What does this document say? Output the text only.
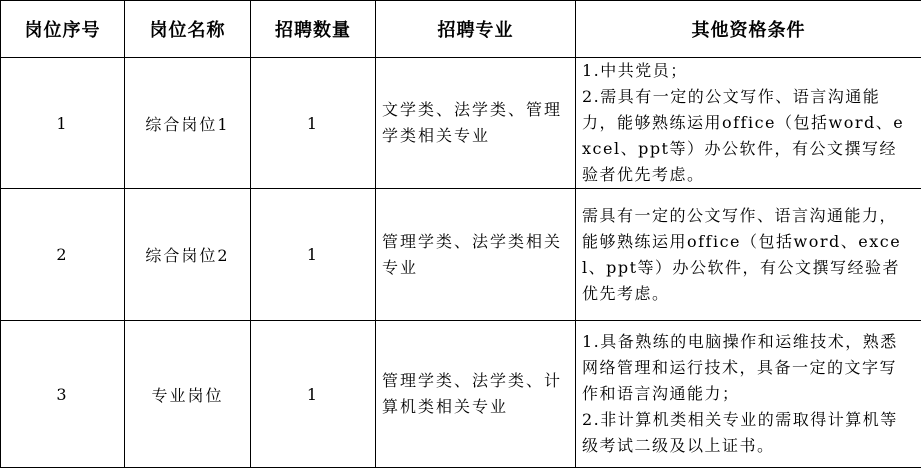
岗位序号	岗位名称	招聘数量	招聘专业	其他资格条件
1	综合岗位1	1	文学类、法学类、管理学类相关专业	1.中共党员；
2.需具有一定的公文写作、语言沟通能力，能够熟练运用office（包括word、excel、ppt等）办公软件，有公文撰写经验者优先考虑。

2	综合岗位2	1	管理学类、法学类相关专业	需具有一定的公文写作、语言沟通能力，能够熟练运用office（包括word、excel、ppt等）办公软件，有公文撰写经验者优先考虑。

3	专业岗位	1	管理学类、法学类、计算机类相关专业	1.具备熟练的电脑操作和运维技术，熟悉网络管理和运行技术，具备一定的文字写作和语言沟通能力；
2.非计算机类相关专业的需取得计算机等级考试二级及以上证书。
